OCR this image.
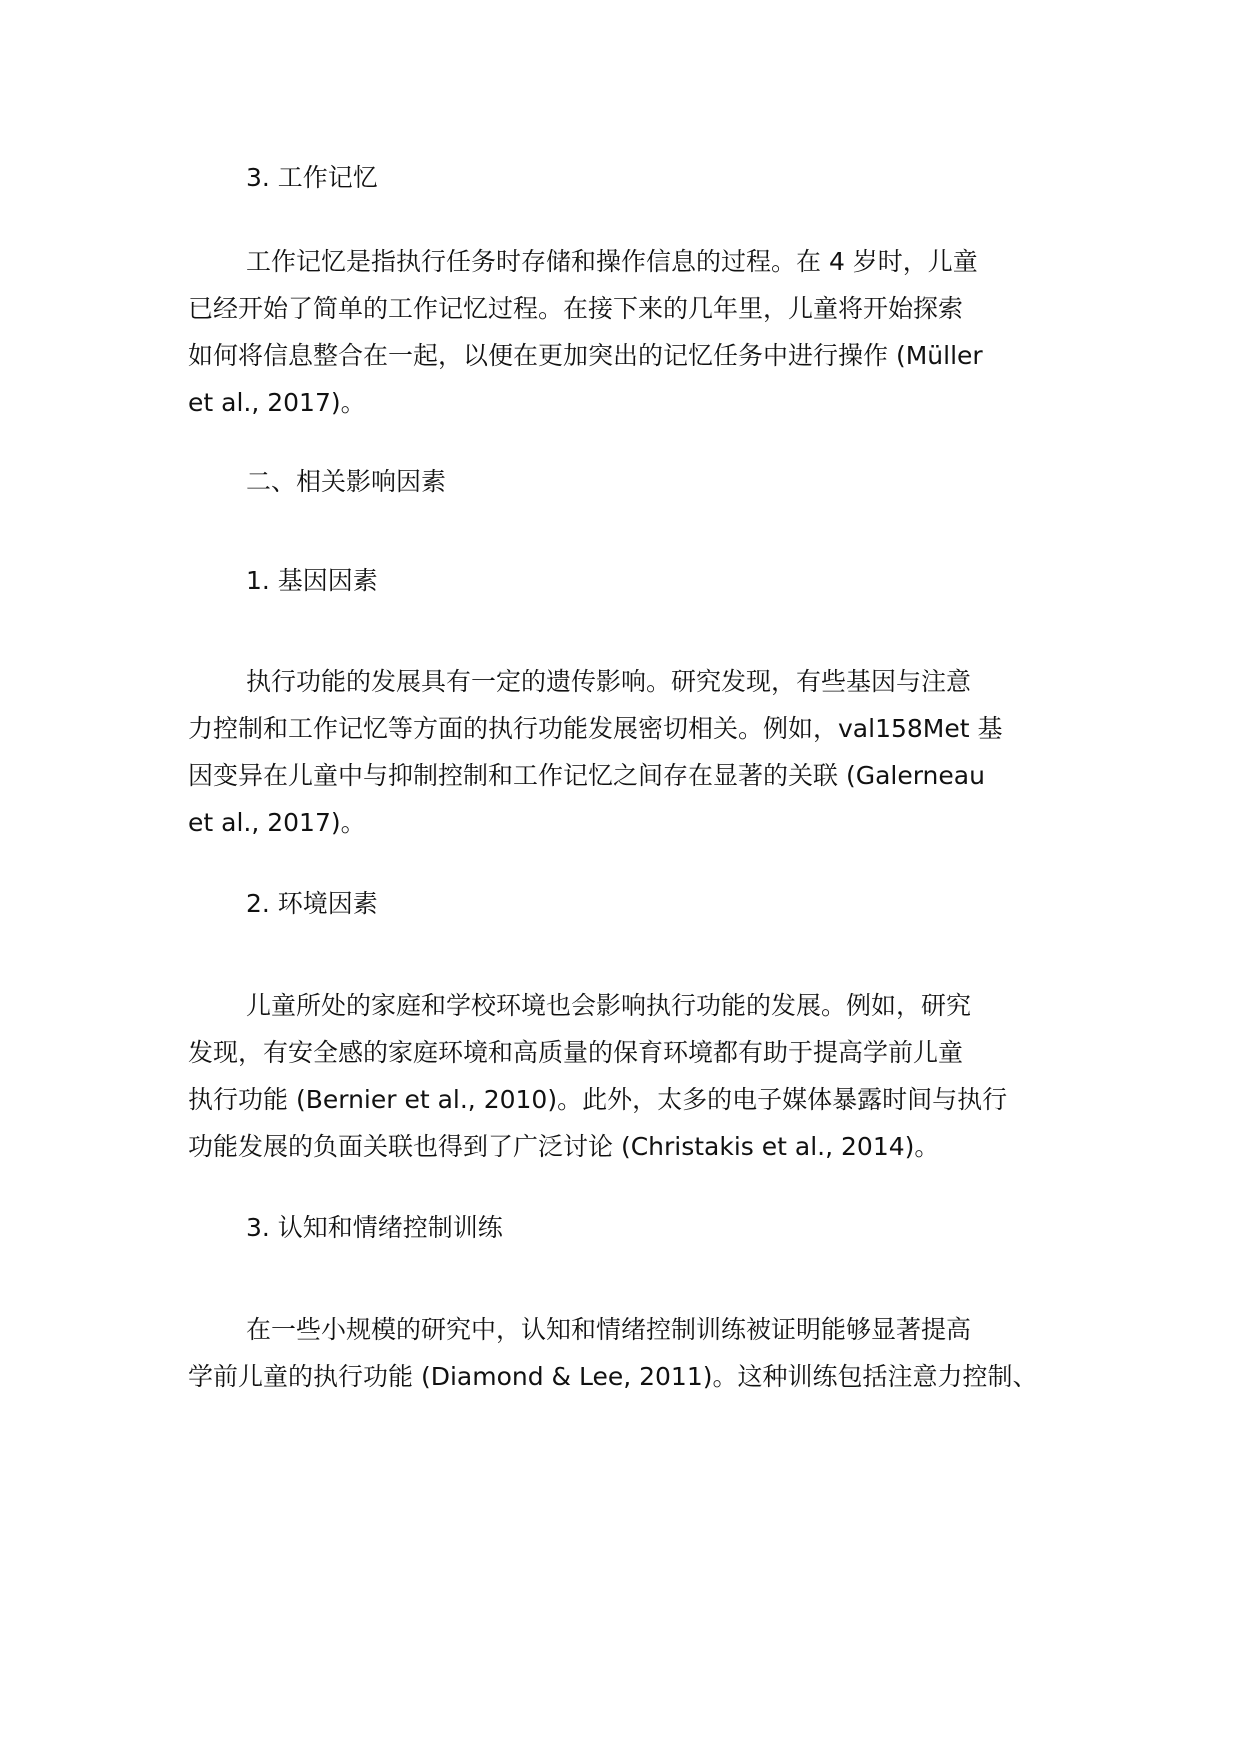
3. 工作记忆
工作记忆是指执行任务时存储和操作信息的过程。在 4 岁时，儿童
已经开始了简单的工作记忆过程。在接下来的几年里，儿童将开始探索
如何将信息整合在一起，以便在更加突出的记忆任务中进行操作 (Müller
et al., 2017)。
二、相关影响因素
1. 基因因素
执行功能的发展具有一定的遗传影响。研究发现，有些基因与注意
力控制和工作记忆等方面的执行功能发展密切相关。例如，val158Met 基
因变异在儿童中与抑制控制和工作记忆之间存在显著的关联 (Galerneau
et al., 2017)。
2. 环境因素
儿童所处的家庭和学校环境也会影响执行功能的发展。例如，研究
发现，有安全感的家庭环境和高质量的保育环境都有助于提高学前儿童
执行功能 (Bernier et al., 2010)。此外，太多的电子媒体暴露时间与执行
功能发展的负面关联也得到了广泛讨论 (Christakis et al., 2014)。
3. 认知和情绪控制训练
在一些小规模的研究中，认知和情绪控制训练被证明能够显著提高
学前儿童的执行功能 (Diamond & Lee, 2011)。这种训练包括注意力控制、
